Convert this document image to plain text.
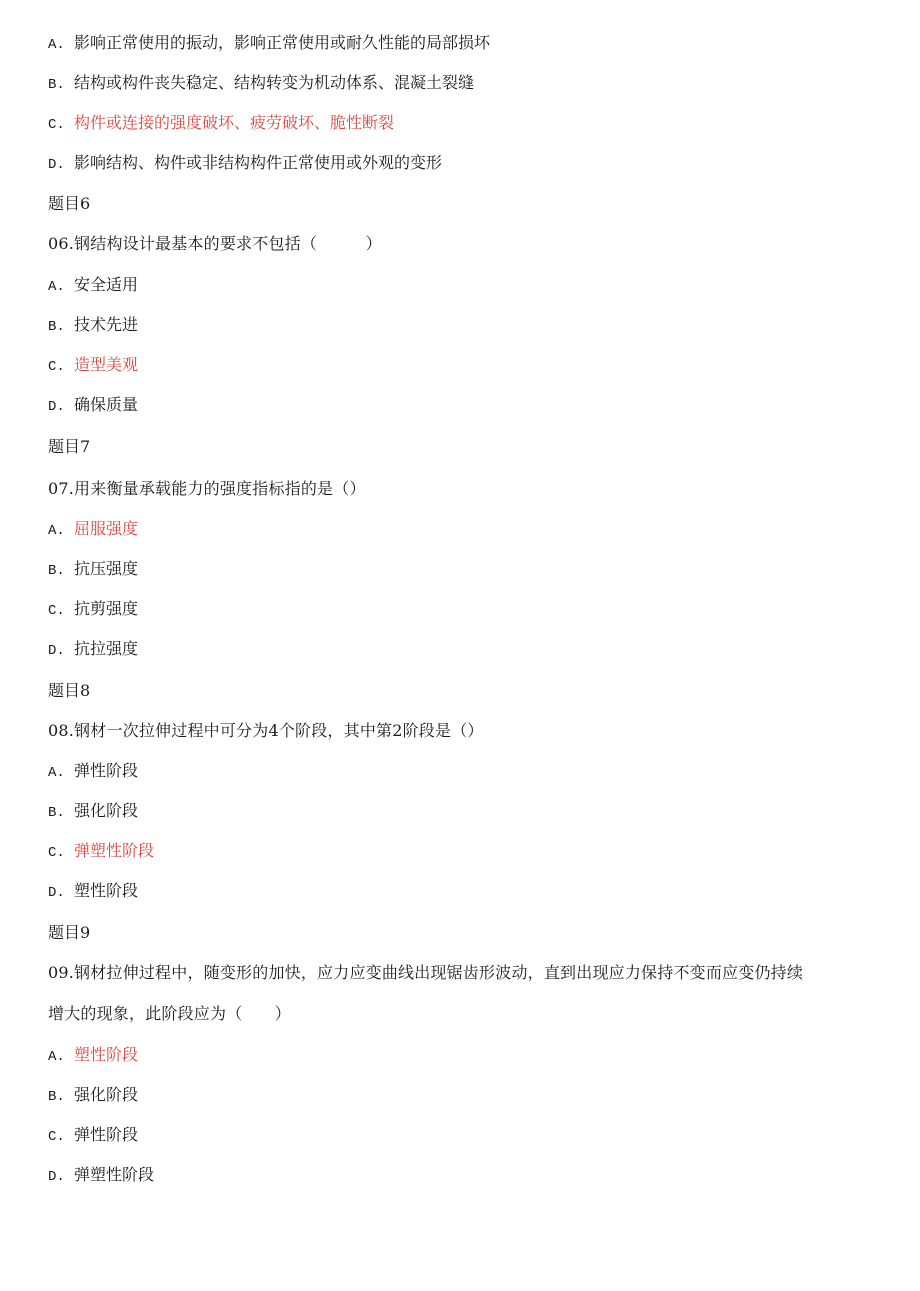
A. 影响正常使用的振动，影响正常使用或耐久性能的局部损坏
B. 结构或构件丧失稳定、结构转变为机动体系、混凝土裂缝
C. 构件或连接的强度破坏、疲劳破坏、脆性断裂
D. 影响结构、构件或非结构构件正常使用或外观的变形
题目6
06.钢结构设计最基本的要求不包括（　　　）
A. 安全适用
B. 技术先进
C. 造型美观
D. 确保质量
题目7
07.用来衡量承载能力的强度指标指的是（）
A. 屈服强度
B. 抗压强度
C. 抗剪强度
D. 抗拉强度
题目8
08.钢材一次拉伸过程中可分为4个阶段，其中第2阶段是（）
A. 弹性阶段
B. 强化阶段
C. 弹塑性阶段
D. 塑性阶段
题目9
09.钢材拉伸过程中，随变形的加快，应力应变曲线出现锯齿形波动，直到出现应力保持不变而应变仍持续
增大的现象，此阶段应为（　　）
A. 塑性阶段
B. 强化阶段
C. 弹性阶段
D. 弹塑性阶段
